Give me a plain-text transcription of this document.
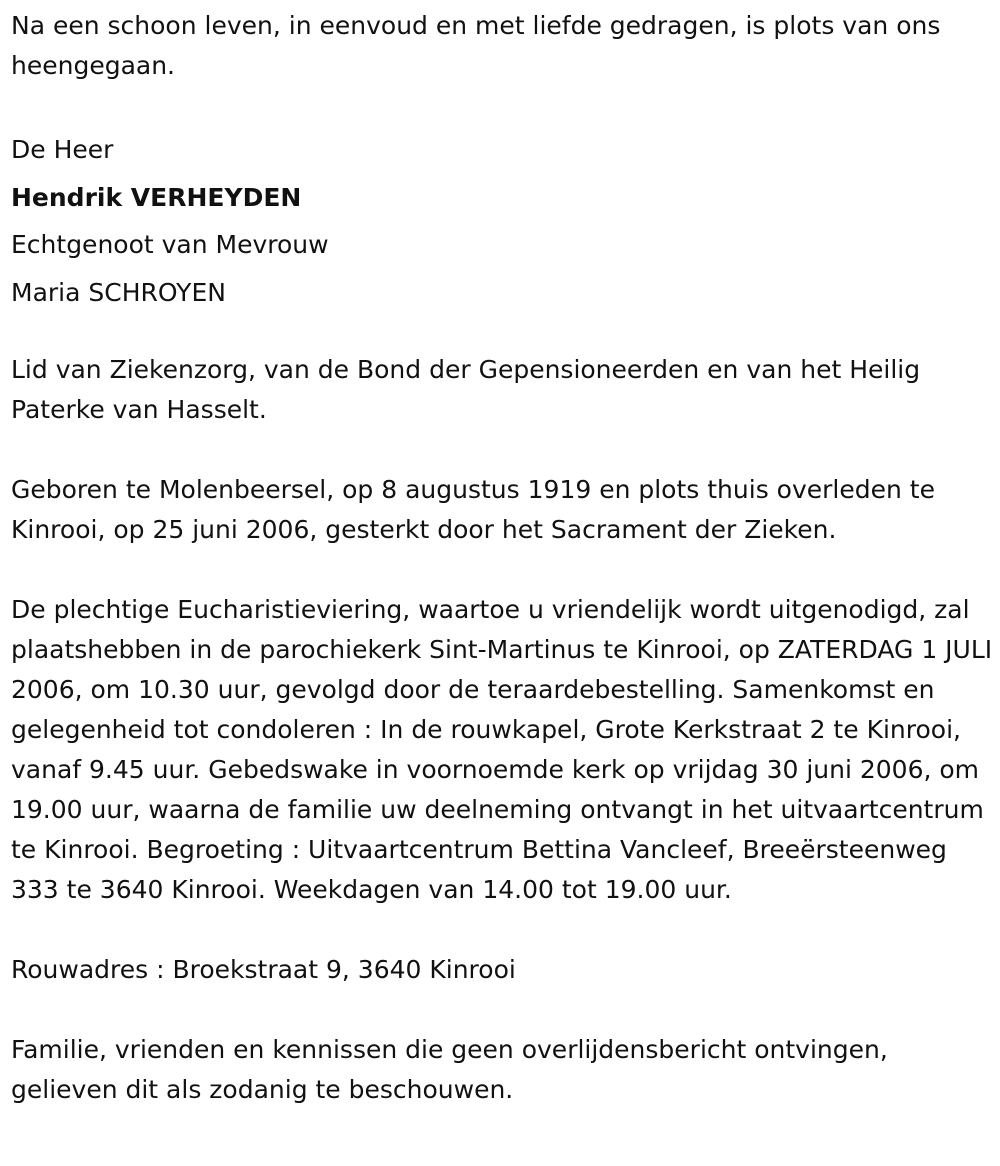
Na een schoon leven, in eenvoud en met liefde gedragen, is plots van ons heengegaan.

De Heer
Hendrik VERHEYDEN
Echtgenoot van Mevrouw
Maria SCHROYEN

Lid van Ziekenzorg, van de Bond der Gepensioneerden en van het Heilig Paterke van Hasselt.

Geboren te Molenbeersel, op 8 augustus 1919 en plots thuis overleden te Kinrooi, op 25 juni 2006, gesterkt door het Sacrament der Zieken.

De plechtige Eucharistieviering, waartoe u vriendelijk wordt uitgenodigd, zal plaatshebben in de parochiekerk Sint-Martinus te Kinrooi, op ZATERDAG 1 JULI 2006, om 10.30 uur, gevolgd door de teraardebestelling. Samenkomst en gelegenheid tot condoleren : In de rouwkapel, Grote Kerkstraat 2 te Kinrooi, vanaf 9.45 uur. Gebedswake in voornoemde kerk op vrijdag 30 juni 2006, om 19.00 uur, waarna de familie uw deelneming ontvangt in het uitvaartcentrum te Kinrooi. Begroeting : Uitvaartcentrum Bettina Vancleef, Breeërsteenweg 333 te 3640 Kinrooi. Weekdagen van 14.00 tot 19.00 uur.

Rouwadres : Broekstraat 9, 3640 Kinrooi

Familie, vrienden en kennissen die geen overlijdensbericht ontvingen, gelieven dit als zodanig te beschouwen.
